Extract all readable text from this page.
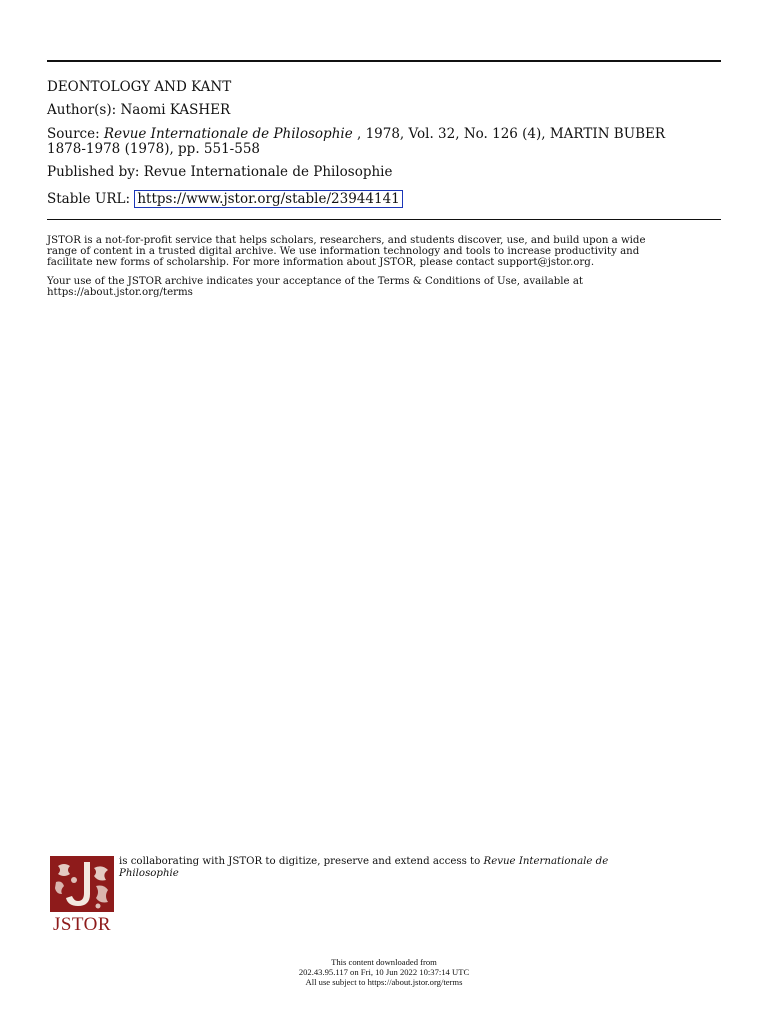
DEONTOLOGY AND KANT
Author(s): Naomi KASHER
Source: Revue Internationale de Philosophie , 1978, Vol. 32, No. 126 (4), MARTIN BUBER
1878-1978 (1978), pp. 551-558
Published by: Revue Internationale de Philosophie
Stable URL: https://www.jstor.org/stable/23944141
JSTOR is a not-for-profit service that helps scholars, researchers, and students discover, use, and build upon a wide
range of content in a trusted digital archive. We use information technology and tools to increase productivity and
facilitate new forms of scholarship. For more information about JSTOR, please contact support@jstor.org.
Your use of the JSTOR archive indicates your acceptance of the Terms & Conditions of Use, available at
https://about.jstor.org/terms
JSTOR
is collaborating with JSTOR to digitize, preserve and extend access to Revue Internationale de
Philosophie
This content downloaded from
202.43.95.117 on Fri, 10 Jun 2022 10:37:14 UTC
All use subject to https://about.jstor.org/terms
